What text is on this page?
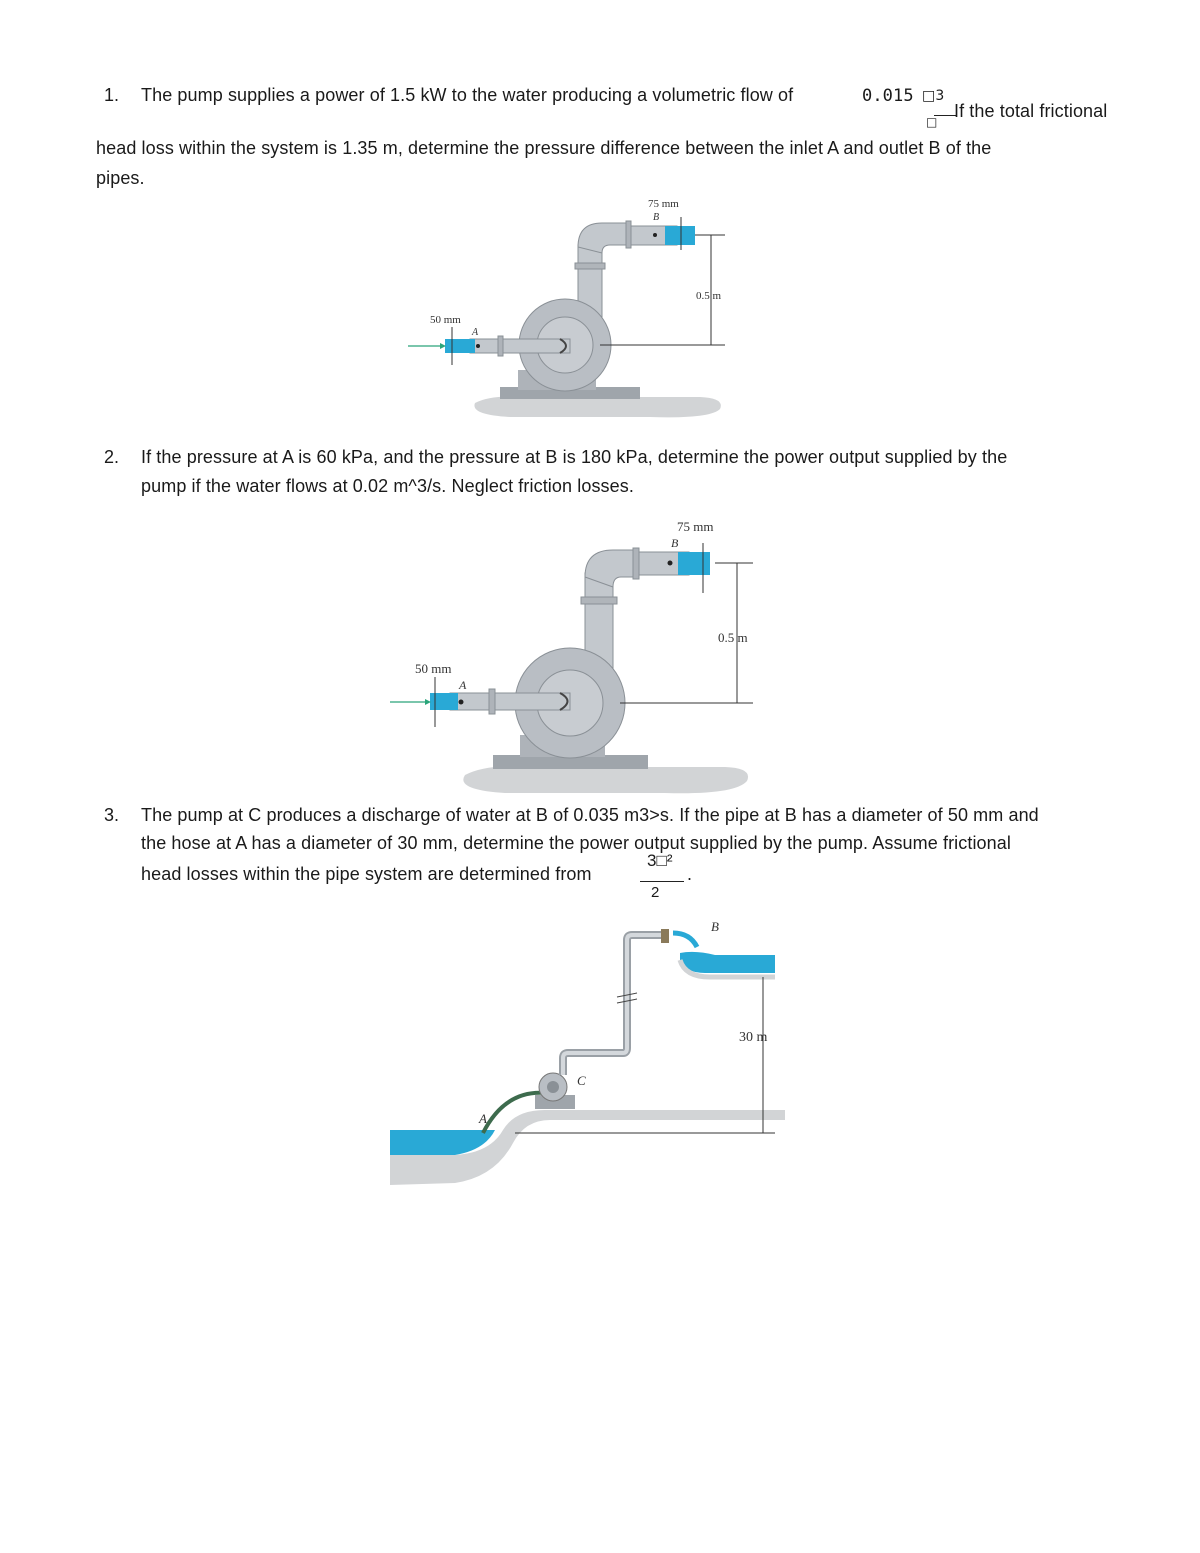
1. The pump supplies a power of 1.5 kW to the water producing a volumetric flow of	0.015 □3
□
If the total frictional
head loss within the system is 1.35 m, determine the pressure difference between the inlet A and outlet B of the
pipes.
75 mm
B
0.5 m
50 mm
A
2. If the pressure at A is 60 kPa, and the pressure at B is 180 kPa, determine the power output supplied by the
pump if the water flows at 0.02 m^3/s. Neglect friction losses.
75 mm
B
0.5 m
50 mm
A
3. The pump at C produces a discharge of water at B of 0.035 m3>s. If the pipe at B has a diameter of 50 mm and
the hose at A has a diameter of 30 mm, determine the power output supplied by the pump. Assume frictional
head losses within the pipe system are determined from
3□²
2
.
B
30 m
C
A
